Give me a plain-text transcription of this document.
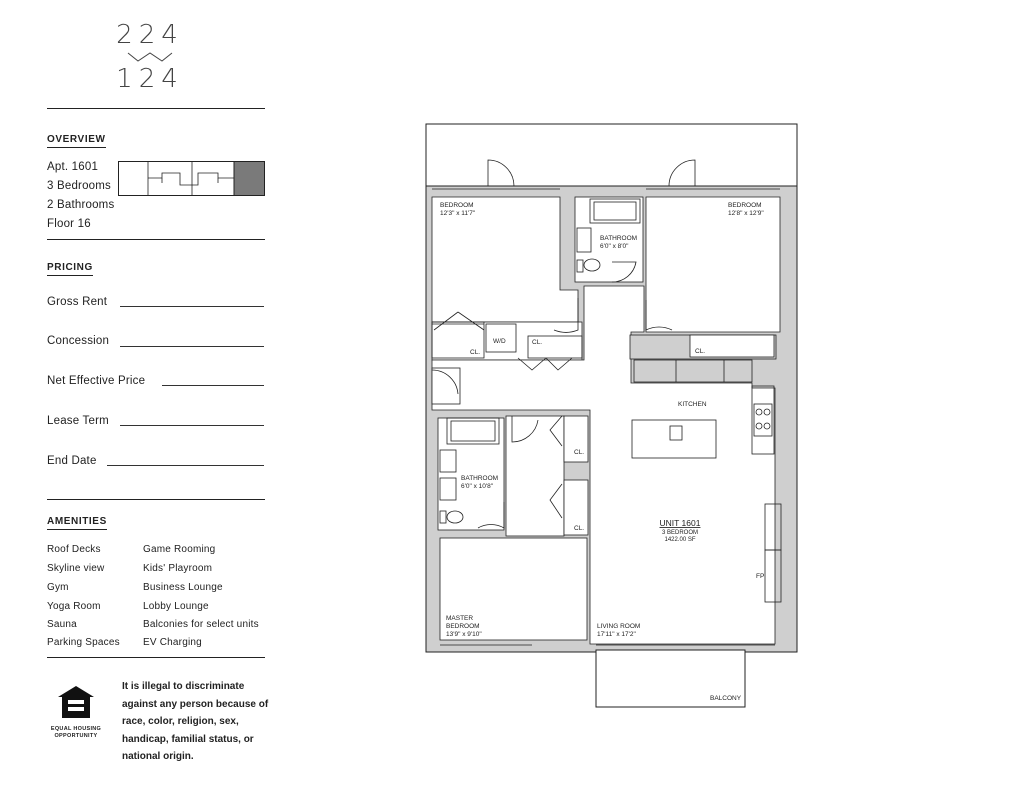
224
124
OVERVIEW
Apt. 1601
3 Bedrooms
2 Bathrooms
Floor 16
PRICING
Gross Rent
Concession
Net Effective Price
Lease Term
End Date
AMENITIES
Roof Decks
Skyline view
Gym
Yoga Room
Sauna
Parking Spaces
Game Rooming
Kids' Playroom
Business Lounge
Lobby Lounge
Balconies for select units
EV Charging
EQUAL HOUSING
OPPORTUNITY
It is illegal to discriminate against any person because of race, color, religion, sex, handicap, familial status, or national origin.
BEDROOM
12'3" x 11'7"
BEDROOM
12'8" x 12'9"
BATHROOM
6'0" x 8'0"
BATHROOM
6'0" x 10'8"
MASTER
BEDROOM
13'9" x 9'10"
LIVING ROOM
17'11" x 17'2"
KITCHEN
BALCONY
W/D
CL.
CL.
CL.
CL.
CL.
FP
UNIT 1601
3 BEDROOM
1422.00 SF
